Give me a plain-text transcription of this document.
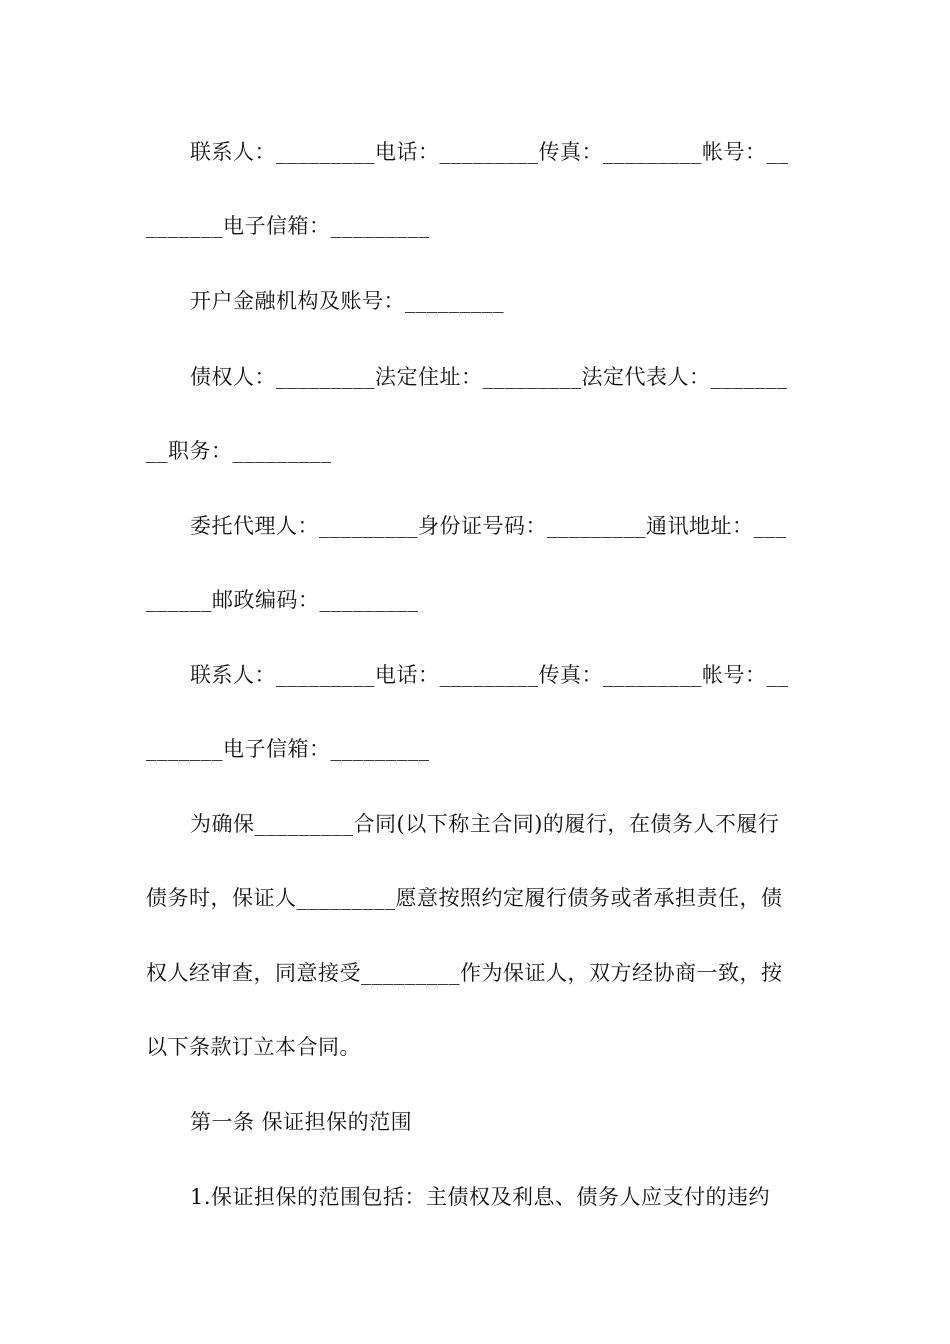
联系人：_________电话：_________传真：_________帐号：__
_______电子信箱：_________
开户金融机构及账号：_________
债权人：_________法定住址：_________法定代表人：_______
__职务：_________
委托代理人：_________身份证号码：_________通讯地址：___
______邮政编码：_________
联系人：_________电话：_________传真：_________帐号：__
_______电子信箱：_________
为确保_________合同(以下称主合同)的履行，在债务人不履行
债务时，保证人_________愿意按照约定履行债务或者承担责任，债
权人经审查，同意接受_________作为保证人，双方经协商一致，按
以下条款订立本合同。
第一条 保证担保的范围
1.保证担保的范围包括：主债权及利息、债务人应支付的违约
